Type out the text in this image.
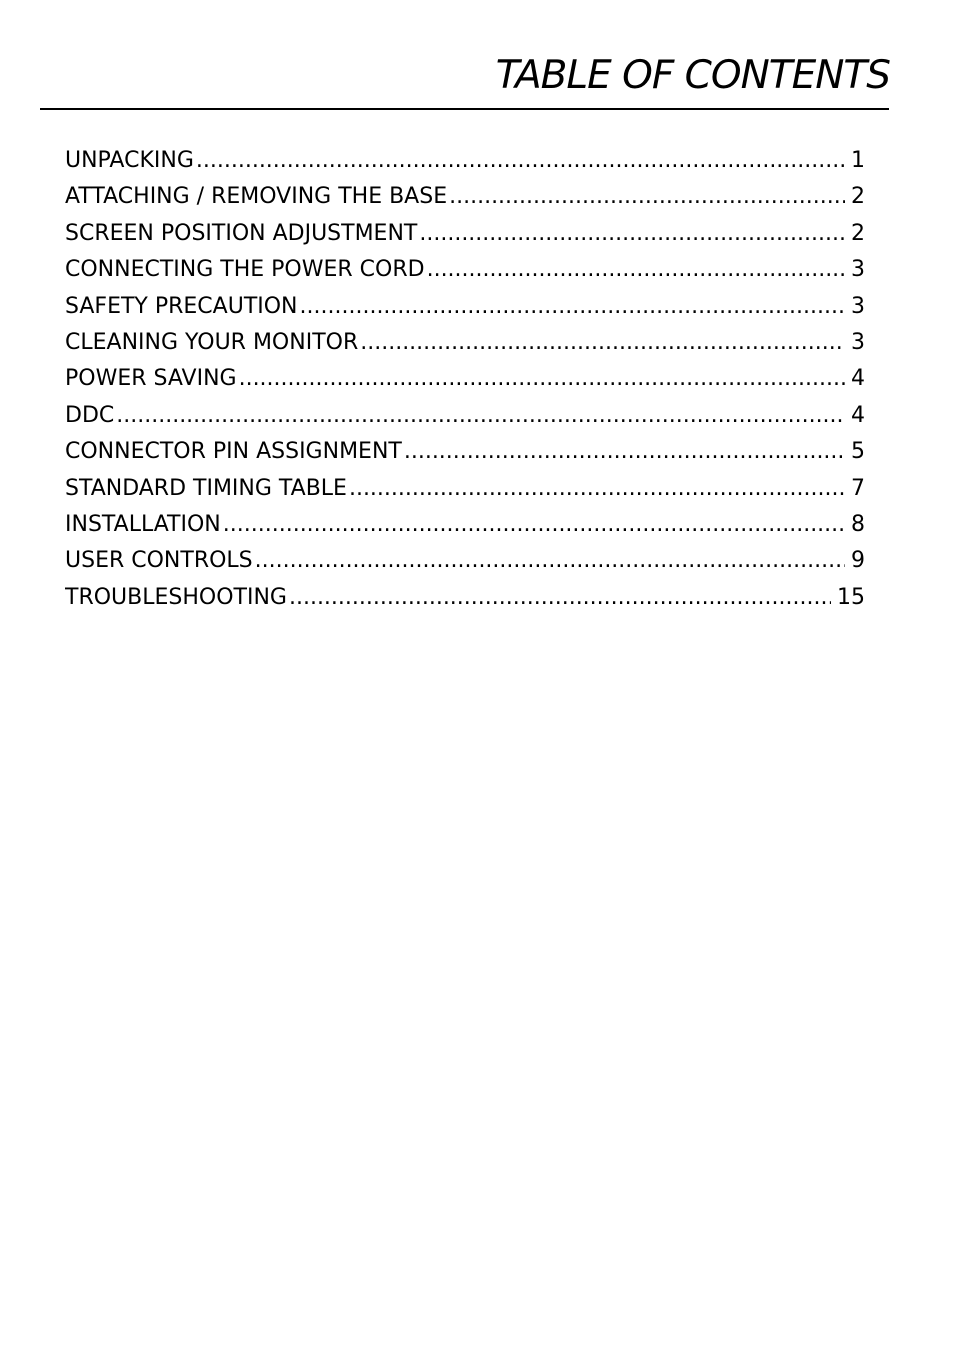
TABLE OF CONTENTS
UNPACKING .....	1
ATTACHING / REMOVING THE BASE .....	2
SCREEN POSITION ADJUSTMENT .....	2
CONNECTING THE POWER CORD .....	3
SAFETY PRECAUTION .....	3
CLEANING YOUR MONITOR .....	3
POWER SAVING .....	4
DDC .....	4
CONNECTOR PIN ASSIGNMENT .....	5
STANDARD TIMING TABLE .....	7
INSTALLATION .....	8
USER CONTROLS .....	9
TROUBLESHOOTING .....	15
